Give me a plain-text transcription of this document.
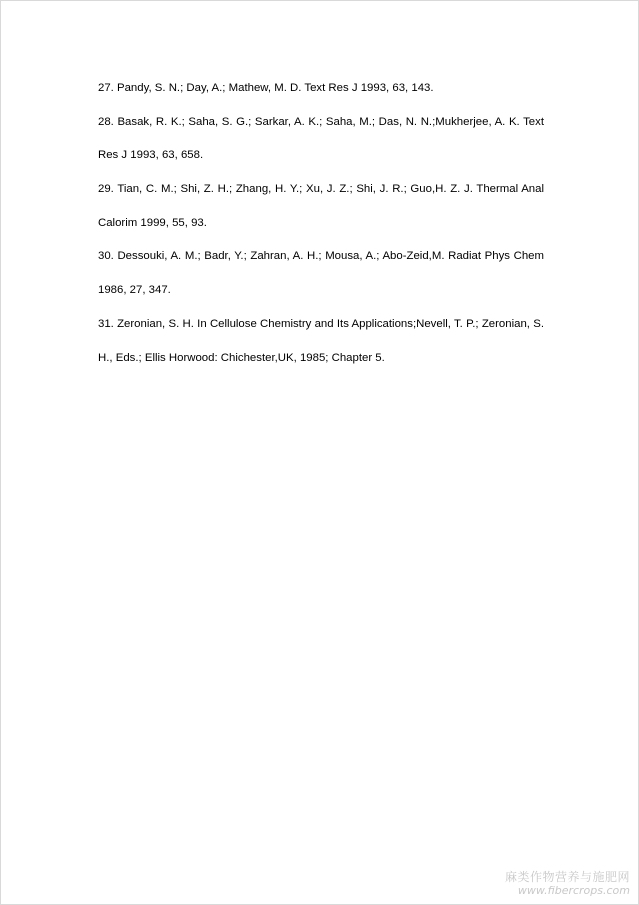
27. Pandy, S. N.; Day, A.; Mathew, M. D. Text Res J 1993, 63, 143.
28. Basak, R. K.; Saha, S. G.; Sarkar, A. K.; Saha, M.; Das, N. N.;Mukherjee, A. K. Text
Res J 1993, 63, 658.
29. Tian, C. M.; Shi, Z. H.; Zhang, H. Y.; Xu, J. Z.; Shi, J. R.; Guo,H. Z. J. Thermal Anal
Calorim 1999, 55, 93.
30. Dessouki, A. M.; Badr, Y.; Zahran, A. H.; Mousa, A.; Abo-Zeid,M. Radiat Phys Chem
1986, 27, 347.
31. Zeronian, S. H. In Cellulose Chemistry and Its Applications;Nevell, T. P.; Zeronian, S.
H., Eds.; Ellis Horwood: Chichester,UK, 1985; Chapter 5.
麻类作物营养与施肥网
www.fibercrops.com
